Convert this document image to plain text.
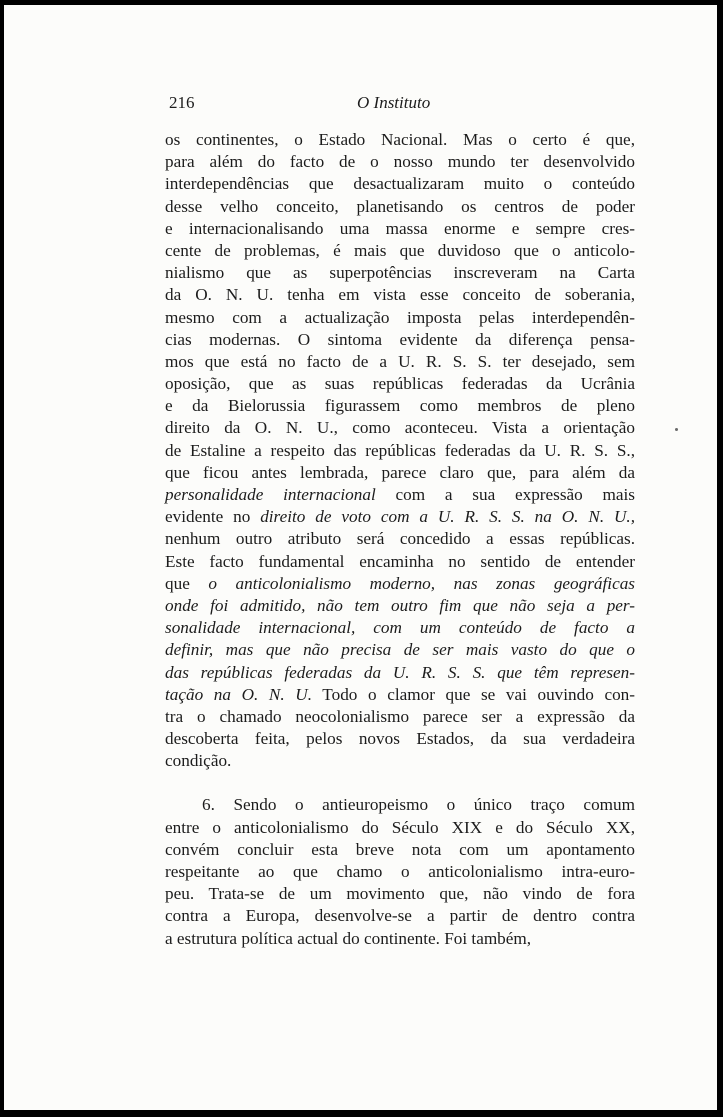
216	O Instituto
os continentes, o Estado Nacional. Mas o certo é que,
para além do facto de o nosso mundo ter desenvolvido
interdependências que desactualizaram muito o conteúdo
desse velho conceito, planetisando os centros de poder
e internacionalisando uma massa enorme e sempre cres-
cente de problemas, é mais que duvidoso que o anticolo-
nialismo que as superpotências inscreveram na Carta
da O. N. U. tenha em vista esse conceito de soberania,
mesmo com a actualização imposta pelas interdependên-
cias modernas. O sintoma evidente da diferença pensa-
mos que está no facto de a U. R. S. S. ter desejado, sem
oposição, que as suas repúblicas federadas da Ucrânia
e da Bielorussia figurassem como membros de pleno
direito da O. N. U., como aconteceu. Vista a orientação
de Estaline a respeito das repúblicas federadas da U. R. S. S.,
que ficou antes lembrada, parece claro que, para além da
personalidade internacional com a sua expressão mais
evidente no direito de voto com a U. R. S. S. na O. N. U.,
nenhum outro atributo será concedido a essas repúblicas.
Este facto fundamental encaminha no sentido de entender
que o anticolonialismo moderno, nas zonas geográficas
onde foi admitido, não tem outro fim que não seja a per-
sonalidade internacional, com um conteúdo de facto a
definir, mas que não precisa de ser mais vasto do que o
das repúblicas federadas da U. R. S. S. que têm represen-
tação na O. N. U. Todo o clamor que se vai ouvindo con-
tra o chamado neocolonialismo parece ser a expressão da
descoberta feita, pelos novos Estados, da sua verdadeira
condição.
6. Sendo o antieuropeismo o único traço comum
entre o anticolonialismo do Século XIX e do Século XX,
convém concluir esta breve nota com um apontamento
respeitante ao que chamo o anticolonialismo intra-euro-
peu. Trata-se de um movimento que, não vindo de fora
contra a Europa, desenvolve-se a partir de dentro contra
a estrutura política actual do continente. Foi também,
